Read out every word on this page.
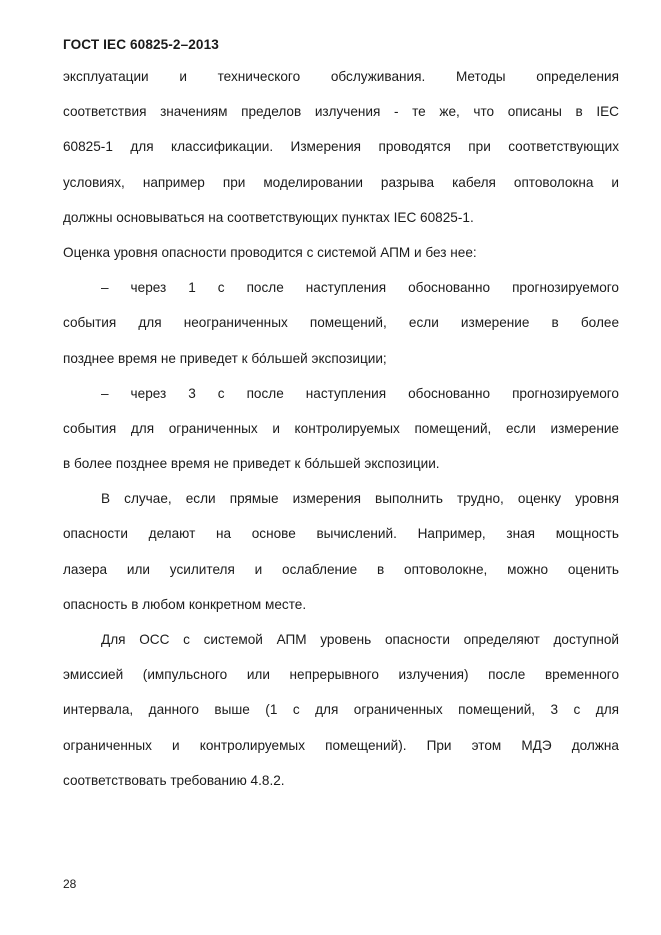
ГОСТ IEC 60825-2–2013
эксплуатации и технического обслуживания. Методы определения
соответствия значениям пределов излучения - те же, что описаны в IEC
60825-1 для классификации. Измерения проводятся при соответствующих
условиях, например при моделировании разрыва кабеля оптоволокна и
должны основываться на соответствующих пунктах IEC 60825-1.
Оценка уровня опасности проводится с системой АПМ и без нее:
– через 1 с после наступления обоснованно прогнозируемого
события для неограниченных помещений, если измерение в более
позднее время не приведет к бо́льшей экспозиции;
– через 3 с после наступления обоснованно прогнозируемого
события для ограниченных и контролируемых помещений, если измерение
в более позднее время не приведет к бо́льшей экспозиции.
В случае, если прямые измерения выполнить трудно, оценку уровня
опасности делают на основе вычислений. Например, зная мощность
лазера или усилителя и ослабление в оптоволокне, можно оценить
опасность в любом конкретном месте.
Для ОСС с системой АПМ уровень опасности определяют доступной
эмиссией (импульсного или непрерывного излучения) после временного
интервала, данного выше (1 с для ограниченных помещений, 3 с для
ограниченных и контролируемых помещений). При этом МДЭ должна
соответствовать требованию 4.8.2.
28
